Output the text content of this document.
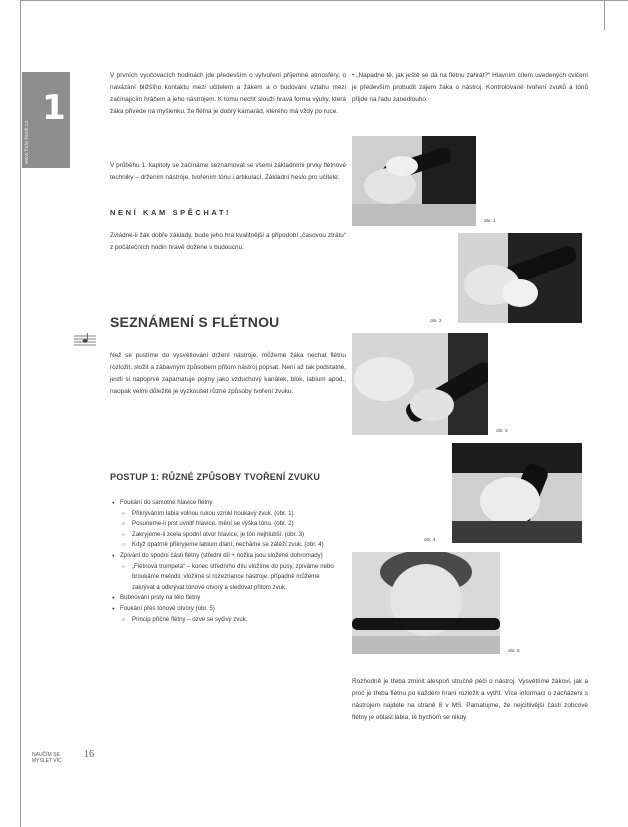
www.flute-book.cz
1

V prvních vyučovacích hodinách jde především o vytvoření příjemné atmosféry, o navázání bližšího kontaktu mezi učitelem a žákem a o budování vztahu mezi začínajícím hráčem a jeho nástrojem. K tomu nechť slouží hravá forma výuky, která žáka přivede na myšlenku, že flétna je dobrý kamarád, kterého má vždy po ruce.

V průběhu 1. kapitoly se začínáme seznamovat se všemi základními prvky flétnové techniky – držením nástroje, tvořením tónu i artikulací. Základní heslo pro učitele:

NENÍ KAM SPĚCHAT!

Zvládne-li žák dobře základy, bude jeho hra kvalitnější a připodobí „časovou ztrátu“ z počátečních hodin hravě dožene v budoucnu.

SEZNÁMENÍ S FLÉTNOU

Než se pustíme do vysvětlování držení nástroje, můžeme žáka nechat flétnu rozložit, složit a zábavným způsobem přitom nástroj popsat. Není až tak podstatné, jestli si napoprvé zapamatuje pojmy jako vzduchový kanálek, blok, labium apod., naopak velmi důležité je vyzkoušet různé způsoby tvoření zvuku.

POSTUP 1: RŮZNÉ ZPŮSOBY TVOŘENÍ ZVUKU
● Foukání do samotné hlavice flétny
○ Přikrýváním labia volnou rukou vznikl houkavý zvuk. (obr. 1)
○ Posuneme-li prst uvnitř hlavice, mění se výška tónu. (obr. 2)
○ Zakryjeme-li zcela spodní otvor hlavice, je tón nejhlubší. (obr. 3)
○ Když opatrně přikryjeme labium dlaní, necháme se zátěží zvuk. (obr. 4)
● Zpívání do spodní části flétny (střední díl + nožka jsou složené dohromady)
○ „Flétnová trumpeta“ – konec středního dílu vložíme do pusy, zpíváme nebo broukáme melodii, vložíme si rozeznance nástroje, případně můžeme zakrývat a odkrývat tónové otvory a sledovat přitom zvuk.
● Bubnování prsty na tělo flétny
● Foukání přes tónové otvory (obr. 5)
○ Princip příčné flétny – ozve se syčivý zvuk.
NAUČÍM SE
MYSLET VÍC
16

• „Napadne tě, jak ještě se dá na flétnu zahrát?“ Hlavním cílem uvedených cvičení je především probudit zájem žáka o nástroj. Kontrolované tvoření zvuků a tónů přijde na řadu zanedlouho.

obr. 1
obr. 2
obr. 3
obr. 4
obr. 5

Rozhodně je třeba zmínit alespoň stručně péči o nástroj. Vysvětlíme žákovi, jak a proč je třeba flétnu po každém hraní rozložit a vytřít. Více informací o zacházení s nástrojem najdete na straně 8 v MS. Pamatujme, že nejcitlivější částí zobcové flétny je oblast labia, tě bychom se nikdy
